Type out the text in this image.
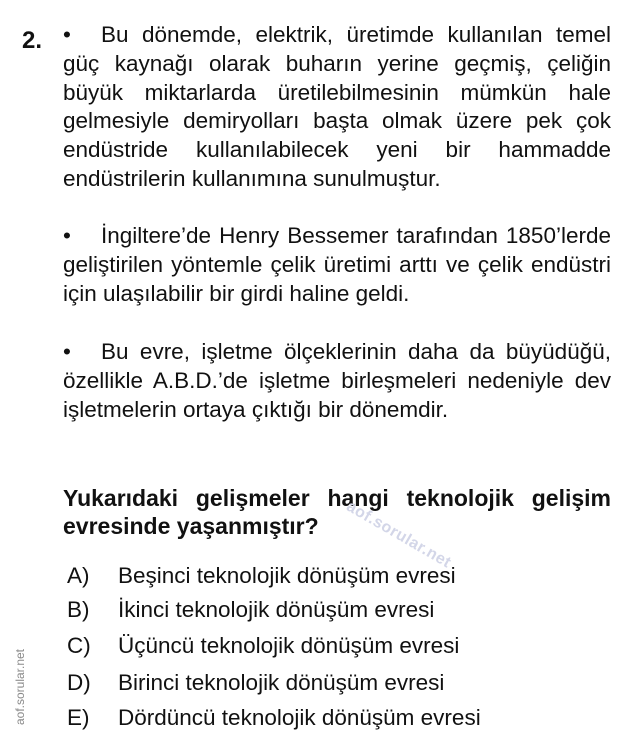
2. • Bu dönemde, elektrik, üretimde kullanılan temel güç kaynağı olarak buharın yerine geçmiş, çeliğin büyük miktarlarda üretilebilmesinin mümkün hale gelmesiyle demiryolları başta olmak üzere pek çok endüstride kullanılabilecek yeni bir hammadde endüstrilerin kullanımına sunulmuştur.
• İngiltere’de Henry Bessemer tarafından 1850’lerde geliştirilen yöntemle çelik üretimi arttı ve çelik endüstri için ulaşılabilir bir girdi haline geldi.
• Bu evre, işletme ölçeklerinin daha da büyüdüğü, özellikle A.B.D.’de işletme birleşmeleri nedeniyle dev işletmelerin ortaya çıktığı bir dönemdir.
Yukarıdaki gelişmeler hangi teknolojik gelişim evresinde yaşanmıştır?
A) Beşinci teknolojik dönüşüm evresi
B) İkinci teknolojik dönüşüm evresi
C) Üçüncü teknolojik dönüşüm evresi
D) Birinci teknolojik dönüşüm evresi
E) Dördüncü teknolojik dönüşüm evresi
aof.sorular.net
aof.sorular.net
